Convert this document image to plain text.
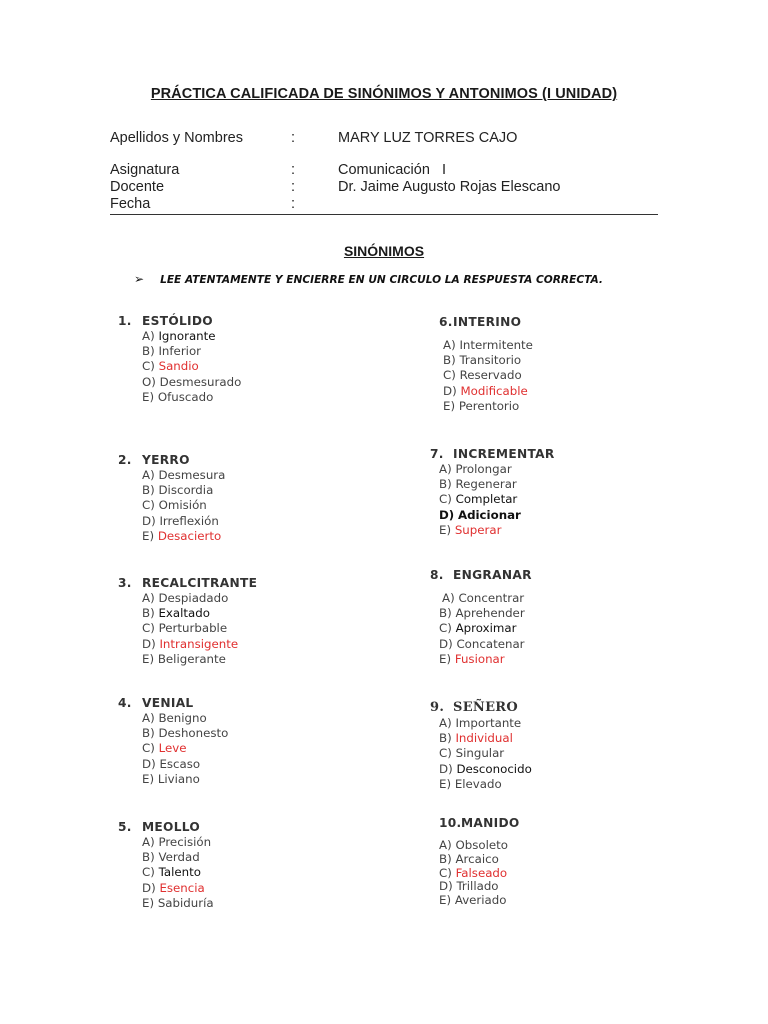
PRÁCTICA CALIFICADA DE SINÓNIMOS Y ANTONIMOS (I UNIDAD)
Apellidos y Nombres	:	MARY LUZ TORRES CAJO
Asignatura	:	Comunicación   I
Docente	:	Dr. Jaime Augusto Rojas Elescano
Fecha	:
SINÓNIMOS
➢ LEE ATENTAMENTE Y ENCIERRE EN UN CIRCULO LA RESPUESTA CORRECTA.
1. ESTÓLIDO
A) Ignorante
B) Inferior
C) Sandio
O) Desmesurado
E) Ofuscado
2. YERRO
A) Desmesura
B) Discordia
C) Omisión
D) Irreflexión
E) Desacierto
3. RECALCITRANTE
A) Despiadado
B) Exaltado
C) Perturbable
D) Intransigente
E) Beligerante
4. VENIAL
A) Benigno
B) Deshonesto
C) Leve
D) Escaso
E) Liviano
5. MEOLLO
A) Precisión
B) Verdad
C) Talento
D) Esencia
E) Sabiduría
6.INTERINO
A) Intermitente
B) Transitorio
C) Reservado
D) Modificable
E) Perentorio
7. INCREMENTAR
A) Prolongar
B) Regenerar
C) Completar
D) Adicionar
E) Superar
8. ENGRANAR
A) Concentrar
B) Aprehender
C) Aproximar
D) Concatenar
E) Fusionar
9. SEÑERO
A) Importante
B) Individual
C) Singular
D) Desconocido
E) Elevado
10.MANIDO
A) Obsoleto
B) Arcaico
C) Falseado
D) Trillado
E) Averiado
